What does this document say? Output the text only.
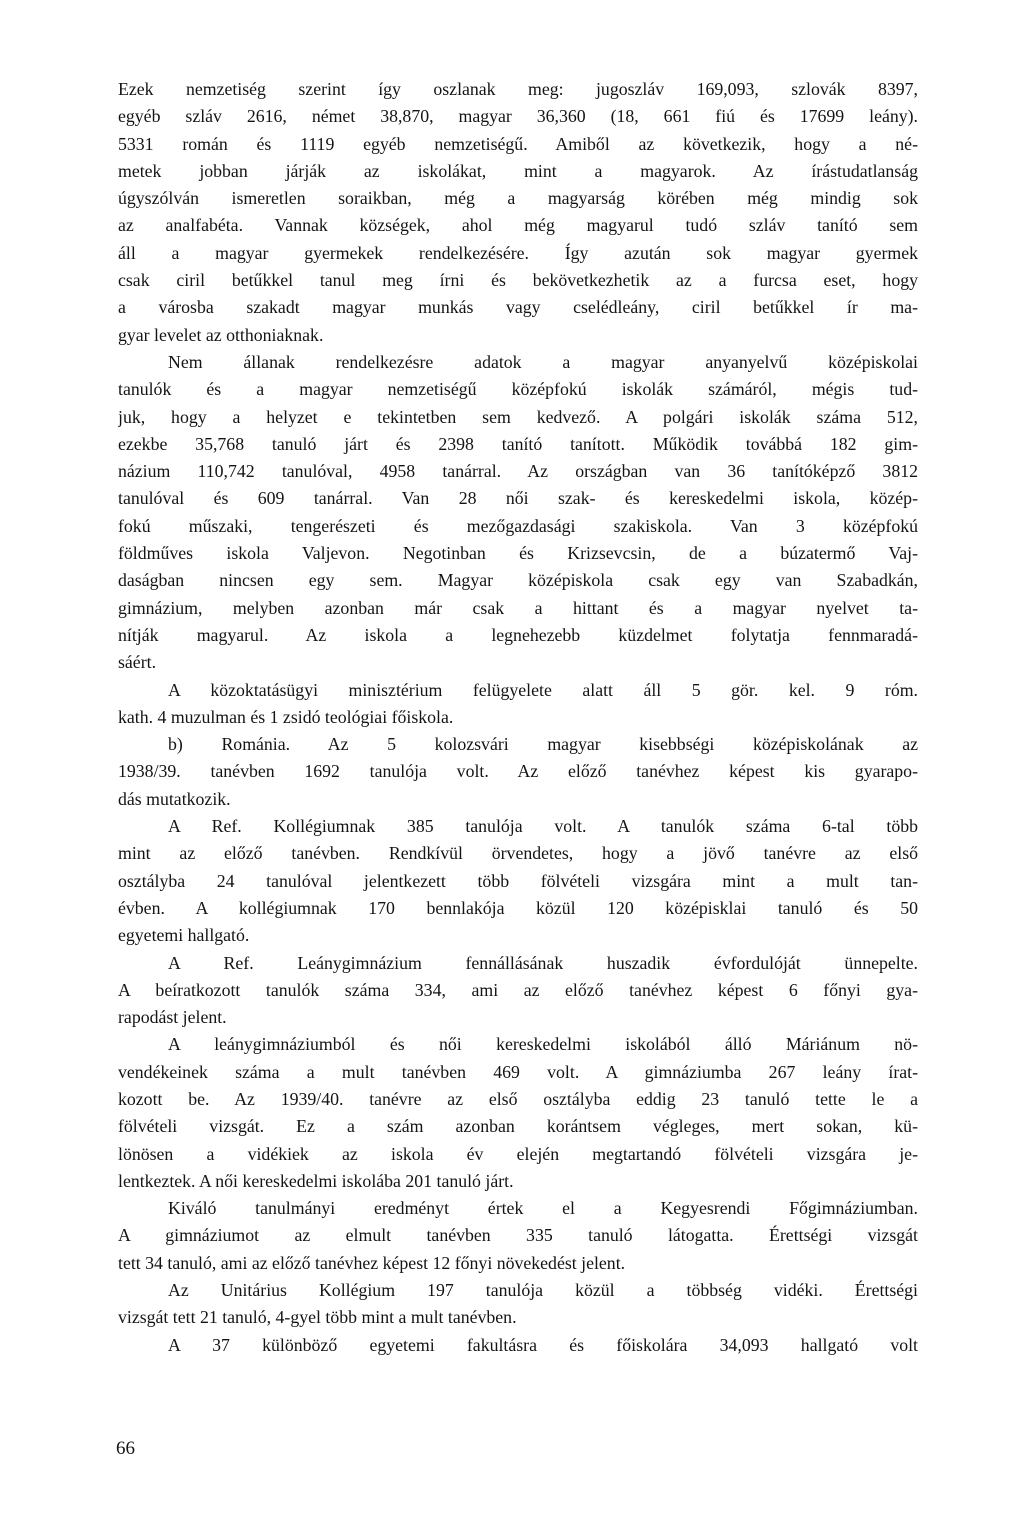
Ezek nemzetiség szerint így oszlanak meg: jugoszláv 169,093, szlovák 8397,
egyéb szláv 2616, német 38,870, magyar 36,360 (18, 661 fiú és 17699 leány).
5331 román és 1119 egyéb nemzetiségű. Amiből az következik, hogy a né-
metek jobban járják az iskolákat, mint a magyarok. Az írástudatlanság
úgyszólván ismeretlen soraikban, még a magyarság körében még mindig sok
az analfabéta. Vannak községek, ahol még magyarul tudó szláv tanító sem
áll a magyar gyermekek rendelkezésére. Így azután sok magyar gyermek
csak ciril betűkkel tanul meg írni és bekövetkezhetik az a furcsa eset, hogy
a városba szakadt magyar munkás vagy cselédleány, ciril betűkkel ír ma-
gyar levelet az otthoniaknak.
Nem állanak rendelkezésre adatok a magyar anyanyelvű középiskolai
tanulók és a magyar nemzetiségű középfokú iskolák számáról, mégis tud-
juk, hogy a helyzet e tekintetben sem kedvező. A polgári iskolák száma 512,
ezekbe 35,768 tanuló járt és 2398 tanító tanított. Működik továbbá 182 gim-
názium 110,742 tanulóval, 4958 tanárral. Az országban van 36 tanítóképző 3812
tanulóval és 609 tanárral. Van 28 női szak- és kereskedelmi iskola, közép-
fokú műszaki, tengerészeti és mezőgazdasági szakiskola. Van 3 középfokú
földműves iskola Valjevon. Negotinban és Krizsevcsin, de a búzatermő Vaj-
daságban nincsen egy sem. Magyar középiskola csak egy van Szabadkán,
gimnázium, melyben azonban már csak a hittant és a magyar nyelvet ta-
nítják magyarul. Az iskola a legnehezebb küzdelmet folytatja fennmaradá-
sáért.
A közoktatásügyi minisztérium felügyelete alatt áll 5 gör. kel. 9 róm.
kath. 4 muzulman és 1 zsidó teológiai főiskola.
b) Románia. Az 5 kolozsvári magyar kisebbségi középiskolának az
1938/39. tanévben 1692 tanulója volt. Az előző tanévhez képest kis gyarapo-
dás mutatkozik.
A Ref. Kollégiumnak 385 tanulója volt. A tanulók száma 6-tal több
mint az előző tanévben. Rendkívül örvendetes, hogy a jövő tanévre az első
osztályba 24 tanulóval jelentkezett több fölvételi vizsgára mint a mult tan-
évben. A kollégiumnak 170 bennlakója közül 120 középisklai tanuló és 50
egyetemi hallgató.
A Ref. Leánygimnázium fennállásának huszadik évfordulóját ünnepelte.
A beíratkozott tanulók száma 334, ami az előző tanévhez képest 6 főnyi gya-
rapodást jelent.
A leánygimnáziumból és női kereskedelmi iskolából álló Máriánum nö-
vendékeinek száma a mult tanévben 469 volt. A gimnáziumba 267 leány írat-
kozott be. Az 1939/40. tanévre az első osztályba eddig 23 tanuló tette le a
fölvételi vizsgát. Ez a szám azonban korántsem végleges, mert sokan, kü-
lönösen a vidékiek az iskola év elején megtartandó fölvételi vizsgára je-
lentkeztek. A női kereskedelmi iskolába 201 tanuló járt.
Kiváló tanulmányi eredményt értek el a Kegyesrendi Főgimnáziumban.
A gimnáziumot az elmult tanévben 335 tanuló látogatta. Érettségi vizsgát
tett 34 tanuló, ami az előző tanévhez képest 12 főnyi növekedést jelent.
Az Unitárius Kollégium 197 tanulója közül a többség vidéki. Érettségi
vizsgát tett 21 tanuló, 4-gyel több mint a mult tanévben.
A 37 különböző egyetemi fakultásra és főiskolára 34,093 hallgató volt
66
